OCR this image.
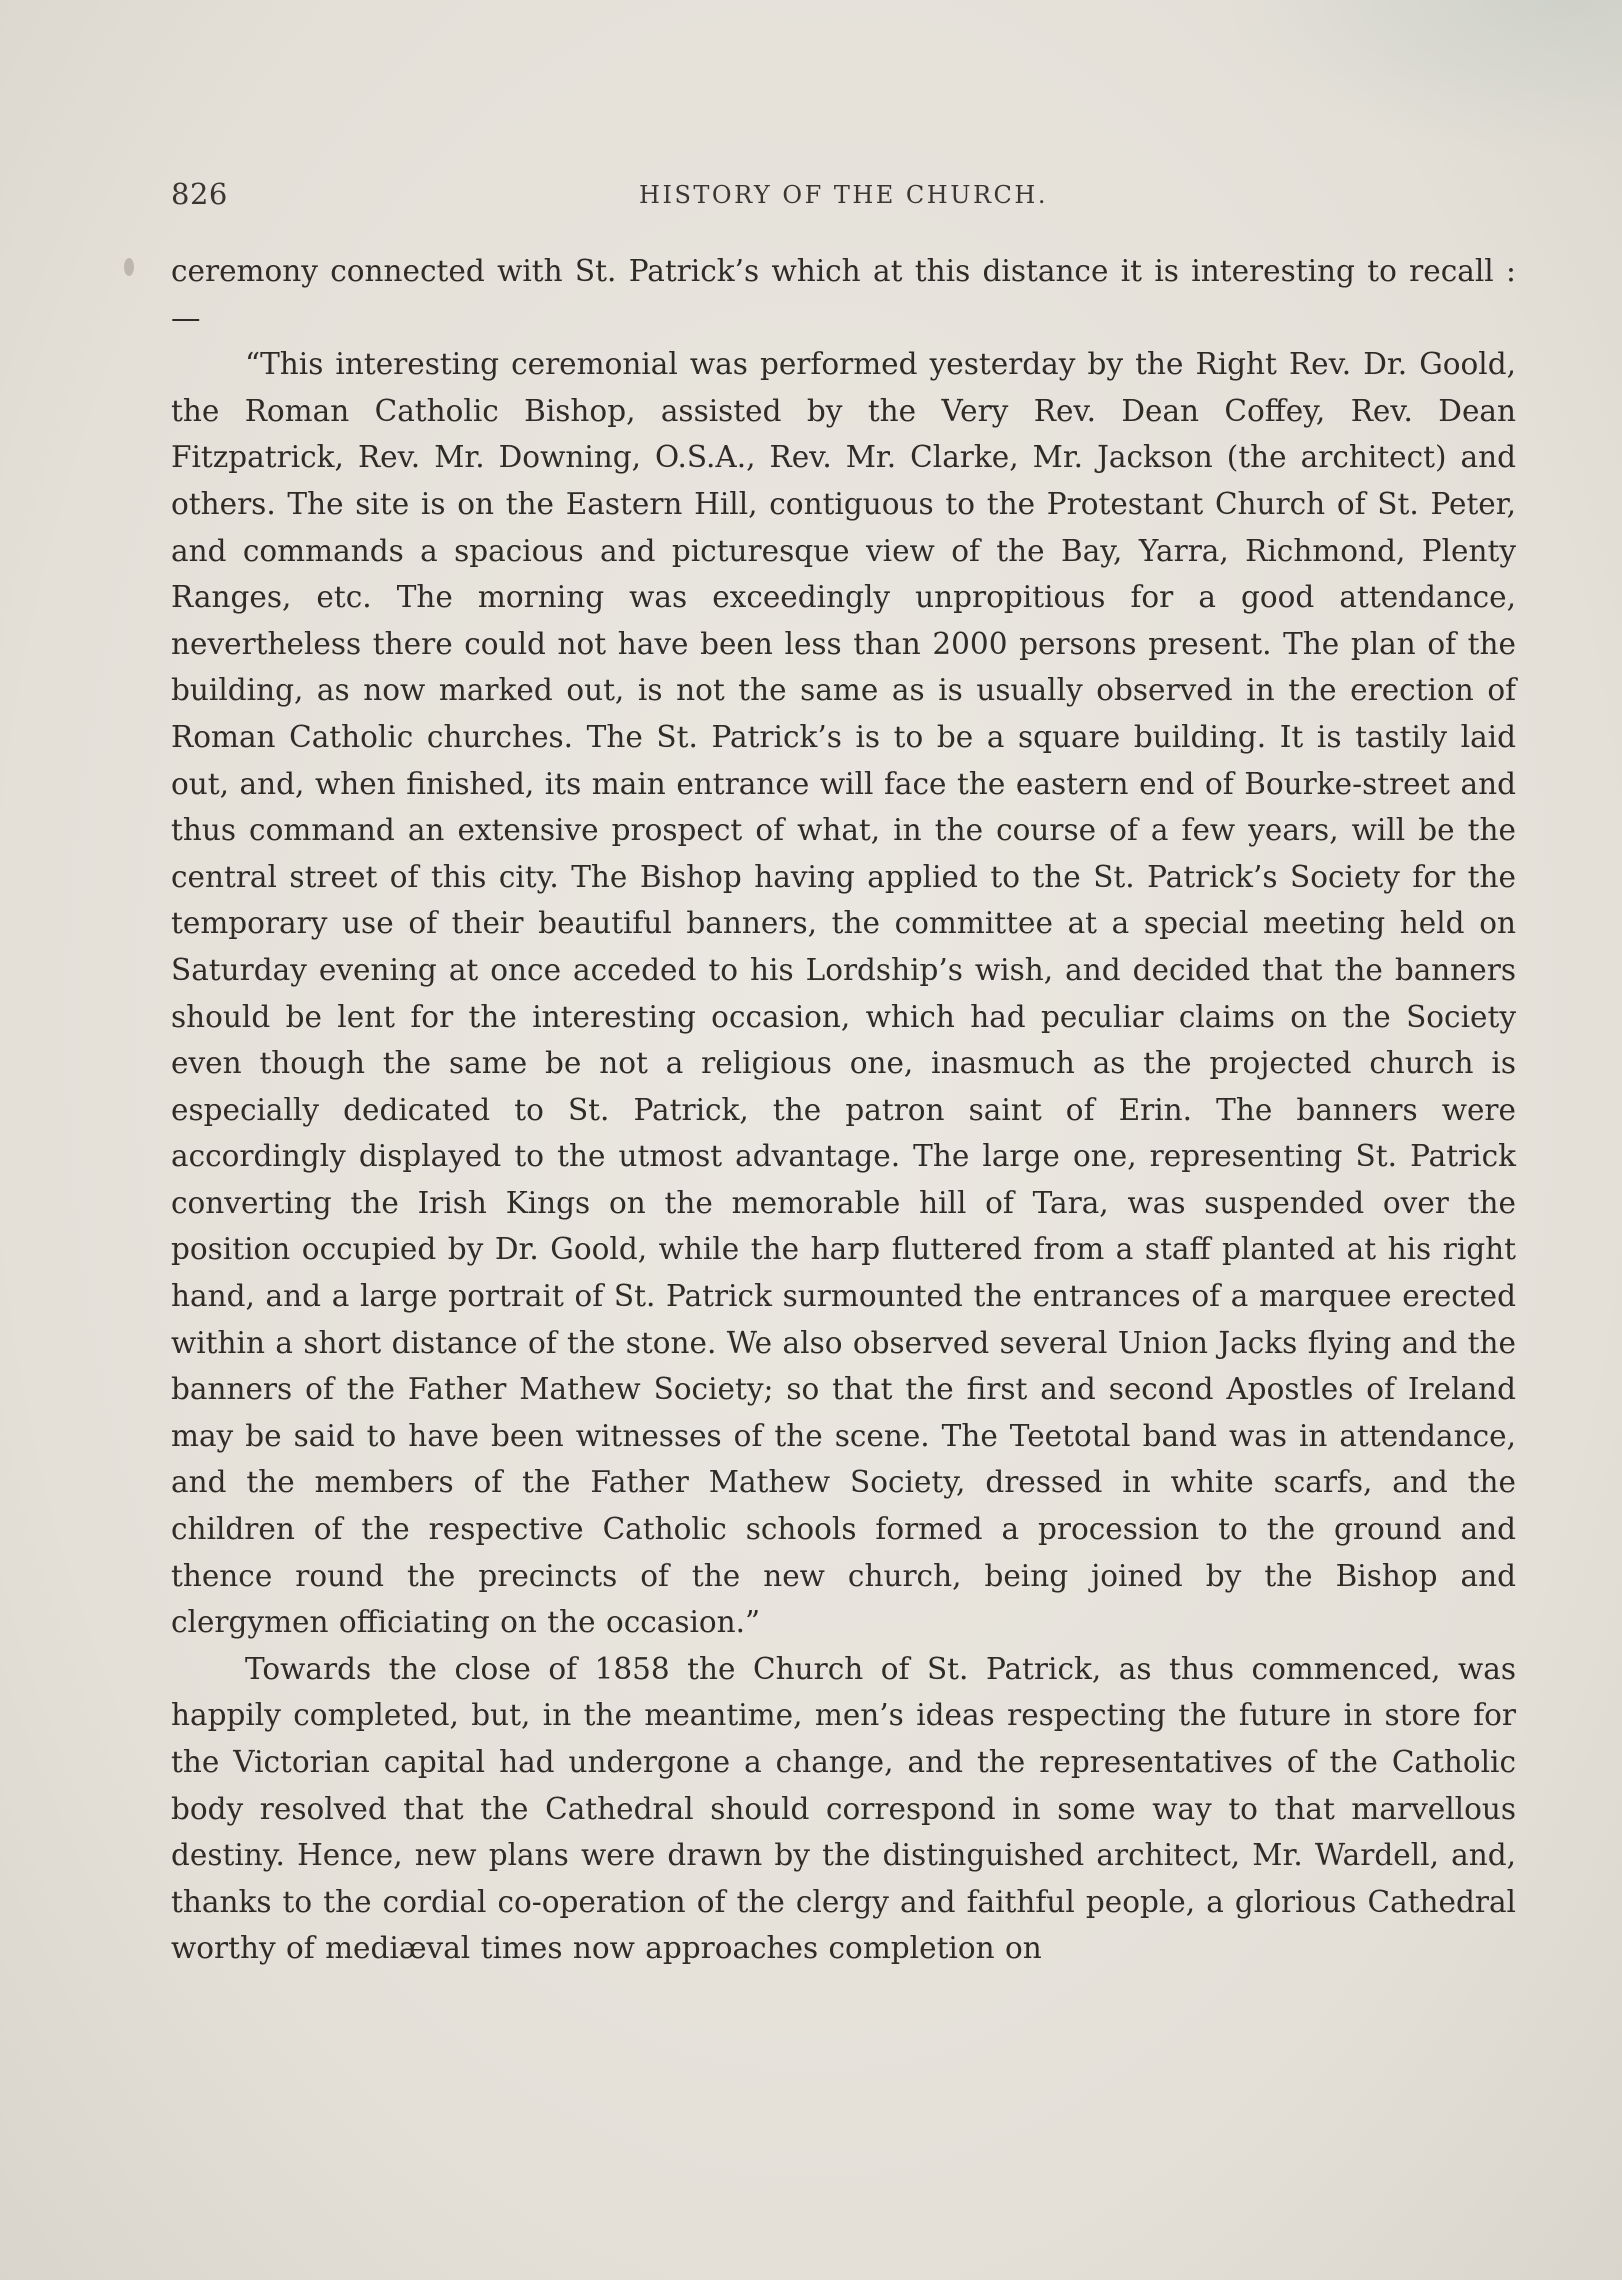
826	HISTORY OF THE CHURCH.

ceremony connected with St. Patrick’s which at this distance it is interesting to recall :—

“This interesting ceremonial was performed yesterday by the Right Rev. Dr. Goold, the Roman Catholic Bishop, assisted by the Very Rev. Dean Coffey, Rev. Dean Fitzpatrick, Rev. Mr. Downing, O.S.A., Rev. Mr. Clarke, Mr. Jackson (the architect) and others. The site is on the Eastern Hill, contiguous to the Protestant Church of St. Peter, and commands a spacious and picturesque view of the Bay, Yarra, Richmond, Plenty Ranges, etc. The morning was exceedingly unpropitious for a good attendance, nevertheless there could not have been less than 2000 persons present. The plan of the building, as now marked out, is not the same as is usually observed in the erection of Roman Catholic churches. The St. Patrick’s is to be a square building. It is tastily laid out, and, when finished, its main entrance will face the eastern end of Bourke-street and thus command an extensive prospect of what, in the course of a few years, will be the central street of this city. The Bishop having applied to the St. Patrick’s Society for the temporary use of their beautiful banners, the committee at a special meeting held on Saturday evening at once acceded to his Lordship’s wish, and decided that the banners should be lent for the interesting occasion, which had peculiar claims on the Society even though the same be not a religious one, inasmuch as the projected church is especially dedicated to St. Patrick, the patron saint of Erin. The banners were accordingly displayed to the utmost advantage. The large one, representing St. Patrick converting the Irish Kings on the memorable hill of Tara, was suspended over the position occupied by Dr. Goold, while the harp fluttered from a staff planted at his right hand, and a large portrait of St. Patrick surmounted the entrances of a marquee erected within a short distance of the stone. We also observed several Union Jacks flying and the banners of the Father Mathew Society; so that the first and second Apostles of Ireland may be said to have been witnesses of the scene. The Teetotal band was in attendance, and the members of the Father Mathew Society, dressed in white scarfs, and the children of the respective Catholic schools formed a procession to the ground and thence round the precincts of the new church, being joined by the Bishop and clergymen officiating on the occasion.”

Towards the close of 1858 the Church of St. Patrick, as thus commenced, was happily completed, but, in the meantime, men’s ideas respecting the future in store for the Victorian capital had undergone a change, and the representatives of the Catholic body resolved that the Cathedral should correspond in some way to that marvellous destiny. Hence, new plans were drawn by the distinguished architect, Mr. Wardell, and, thanks to the cordial co-operation of the clergy and faithful people, a glorious Cathedral worthy of mediæval times now approaches completion on
